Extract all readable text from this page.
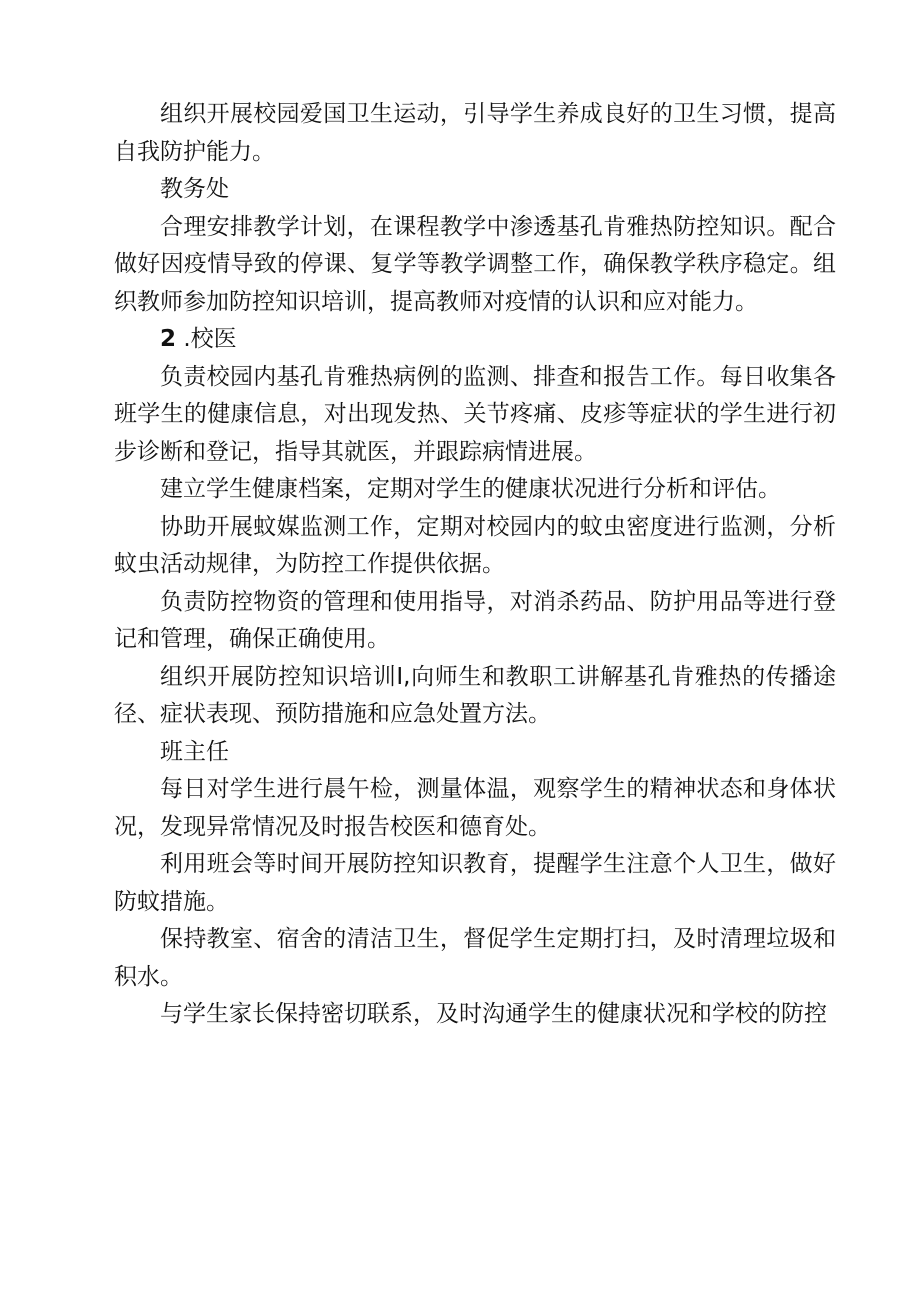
组织开展校园爱国卫生运动，引导学生养成良好的卫生习惯，提高自我防护能力。

教务处

合理安排教学计划，在课程教学中渗透基孔肯雅热防控知识。配合做好因疫情导致的停课、复学等教学调整工作，确保教学秩序稳定。组织教师参加防控知识培训，提高教师对疫情的认识和应对能力。

2 .校医

负责校园内基孔肯雅热病例的监测、排查和报告工作。每日收集各班学生的健康信息，对出现发热、关节疼痛、皮疹等症状的学生进行初步诊断和登记，指导其就医，并跟踪病情进展。

建立学生健康档案，定期对学生的健康状况进行分析和评估。

协助开展蚊媒监测工作，定期对校园内的蚊虫密度进行监测，分析蚊虫活动规律，为防控工作提供依据。

负责防控物资的管理和使用指导，对消杀药品、防护用品等进行登记和管理，确保正确使用。

组织开展防控知识培训I,向师生和教职工讲解基孔肯雅热的传播途径、症状表现、预防措施和应急处置方法。

班主任

每日对学生进行晨午检，测量体温，观察学生的精神状态和身体状况，发现异常情况及时报告校医和德育处。

利用班会等时间开展防控知识教育，提醒学生注意个人卫生，做好防蚊措施。

保持教室、宿舍的清洁卫生，督促学生定期打扫，及时清理垃圾和积水。

与学生家长保持密切联系，及时沟通学生的健康状况和学校的防控
